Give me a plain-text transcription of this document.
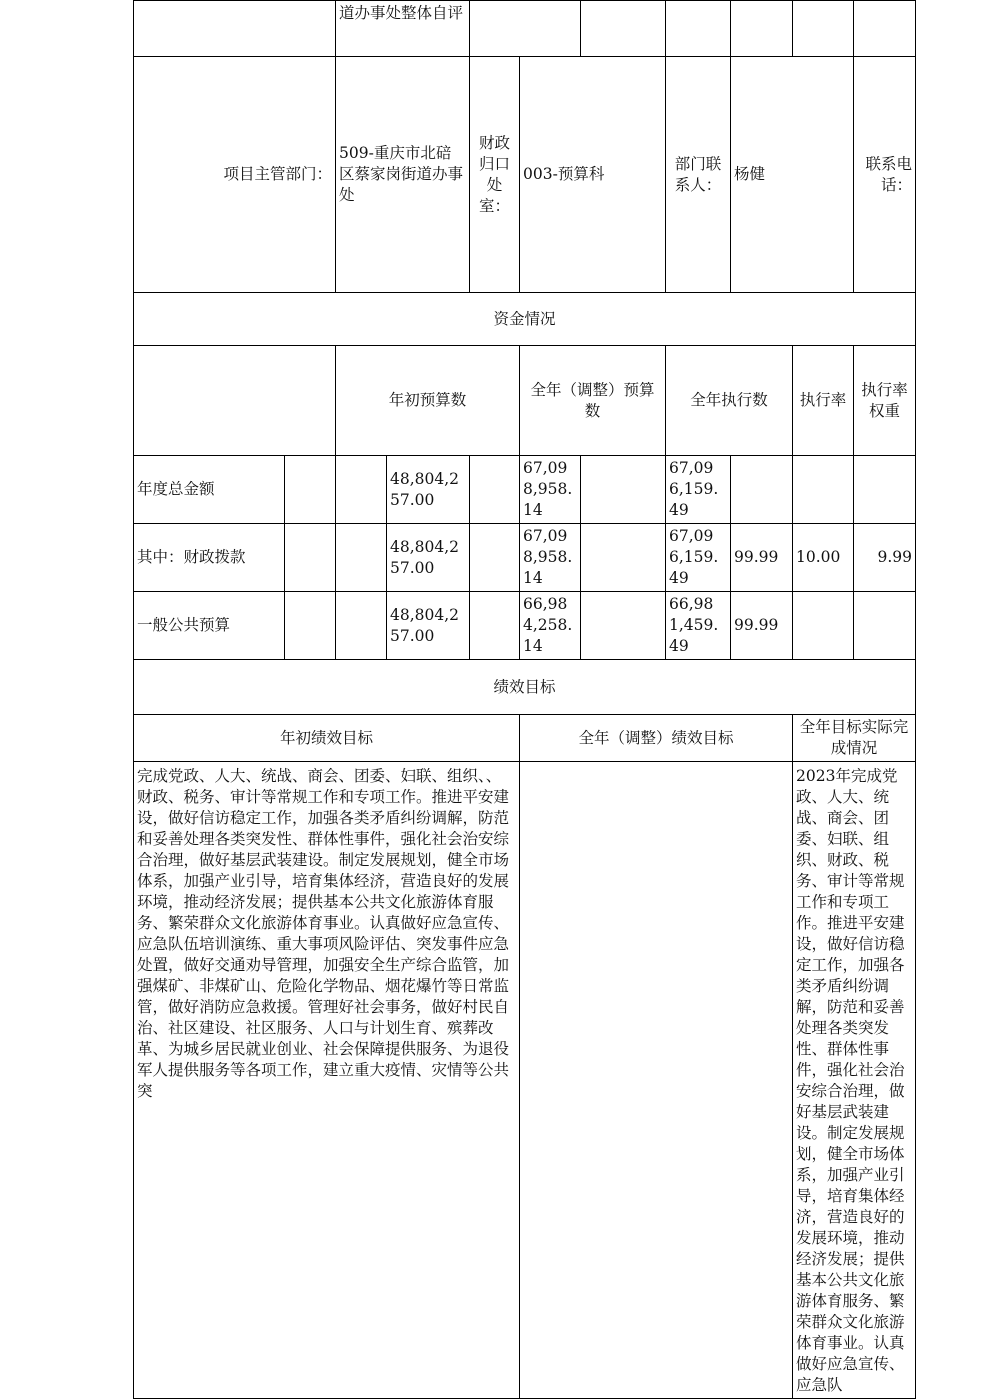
		道办事处整体自评									
项目主管部门：		509-重庆市北碚区蔡家岗街道办事处		财政归口处室：	003-预算科		部门联系人：	杨健		联系电话：	
资金情况											
		年初预算数			全年（调整）预算数		全年执行数		执行率	执行率权重	
年度总金额			48,804,257.00		67,098,958.14		67,096,159.49				
其中：财政拨款			48,804,257.00		67,098,958.14		67,096,159.49	99.99	10.00	9.99	
一般公共预算			48,804,257.00		66,984,258.14		66,981,459.49	99.99			
绩效目标											
年初绩效目标					全年（调整）绩效目标				全年目标实际完成情况		
完成党政、人大、统战、商会、团委、妇联、组织、、财政、税务、审计等常规工作和专项工作。推进平安建设，做好信访稳定工作，加强各类矛盾纠纷调解，防范和妥善处理各类突发性、群体性事件，强化社会治安综合治理，做好基层武装建设。制定发展规划，健全市场体系，加强产业引导，培育集体经济，营造良好的发展环境，推动经济发展；提供基本公共文化旅游体育服务、繁荣群众文化旅游体育事业。认真做好应急宣传、应急队伍培训演练、重大事项风险评估、突发事件应急处置，做好交通劝导管理，加强安全生产综合监管，加强煤矿、非煤矿山、危险化学物品、烟花爆竹等日常监管，做好消防应急救援。管理好社会事务，做好村民自治、社区建设、社区服务、人口与计划生育、殡葬改革、为城乡居民就业创业、社会保障提供服务、为退役军人提供服务等各项工作，建立重大疫情、灾情等公共突									2023年完成党政、人大、统战、商会、团委、妇联、组织、财政、税务、审计等常规工作和专项工作。推进平安建设，做好信访稳定工作，加强各类矛盾纠纷调解，防范和妥善处理各类突发性、群体性事件，强化社会治安综合治理，做好基层武装建设。制定发展规划，健全市场体系，加强产业引导，培育集体经济，营造良好的发展环境，推动经济发展；提供基本公共文化旅游体育服务、繁荣群众文化旅游体育事业。认真做好应急宣传、应急队		
